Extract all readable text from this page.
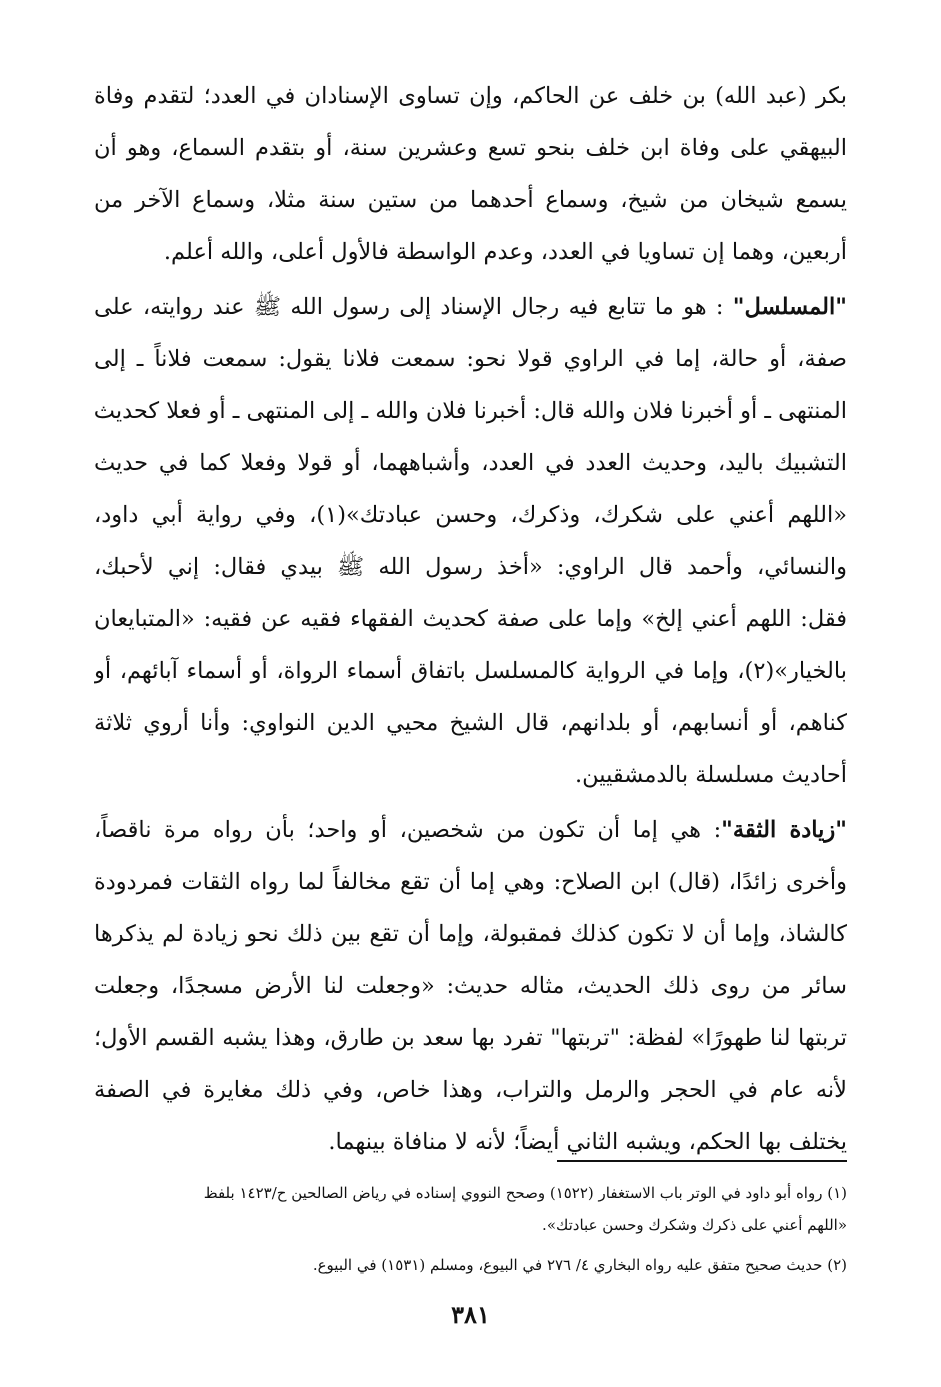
بكر (عبد الله) بن خلف عن الحاكم، وإن تساوى الإسنادان في العدد؛ لتقدم وفاة
البيهقي على وفاة ابن خلف بنحو تسع وعشرين سنة، أو بتقدم السماع، وهو أن
يسمع شيخان من شيخ، وسماع أحدهما من ستين سنة مثلا، وسماع الآخر من
أربعين، وهما إن تساويا في العدد، وعدم الواسطة فالأول أعلى، والله أعلم.
"المسلسل" : هو ما تتابع فيه رجال الإسناد إلى رسول الله ﷺ عند روايته، على
صفة، أو حالة، إما في الراوي قولا نحو: سمعت فلانا يقول: سمعت فلاناً ـ إلى
المنتهى ـ أو أخبرنا فلان والله قال: أخبرنا فلان والله ـ إلى المنتهى ـ أو فعلا كحديث
التشبيك باليد، وحديث العدد في العدد، وأشباههما، أو قولا وفعلا كما في حديث
«اللهم أعني على شكرك، وذكرك، وحسن عبادتك»(١)، وفي رواية أبي داود،
والنسائي، وأحمد قال الراوي: «أخذ رسول الله ﷺ بيدي فقال: إني لأحبك،
فقل: اللهم أعني إلخ» وإما على صفة كحديث الفقهاء فقيه عن فقيه: «المتبايعان
بالخيار»(٢)، وإما في الرواية كالمسلسل باتفاق أسماء الرواة، أو أسماء آبائهم، أو
كناهم، أو أنسابهم، أو بلدانهم، قال الشيخ محيي الدين النواوي: وأنا أروي ثلاثة
أحاديث مسلسلة بالدمشقيين.
"زيادة الثقة": هي إما أن تكون من شخصين، أو واحد؛ بأن رواه مرة ناقصاً،
وأخرى زائدًا، (قال) ابن الصلاح: وهي إما أن تقع مخالفاً لما رواه الثقات فمردودة
كالشاذ، وإما أن لا تكون كذلك فمقبولة، وإما أن تقع بين ذلك نحو زيادة لم يذكرها
سائر من روى ذلك الحديث، مثاله حديث: «وجعلت لنا الأرض مسجدًا، وجعلت
تربتها لنا طهورًا» لفظة: "تربتها" تفرد بها سعد بن طارق، وهذا يشبه القسم الأول؛
لأنه عام في الحجر والرمل والتراب، وهذا خاص، وفي ذلك مغايرة في الصفة
يختلف بها الحكم، ويشبه الثاني أيضاً؛ لأنه لا منافاة بينهما.
(١) رواه أبو داود في الوتر باب الاستغفار (١٥٢٢) وصحح النووي إسناده في رياض الصالحين ح/١٤٢٣ بلفظ
«اللهم أعني على ذكرك وشكرك وحسن عبادتك».
(٢) حديث صحيح متفق عليه رواه البخاري ٤/ ٢٧٦ في البيوع، ومسلم (١٥٣١) في البيوع.
٣٨١
